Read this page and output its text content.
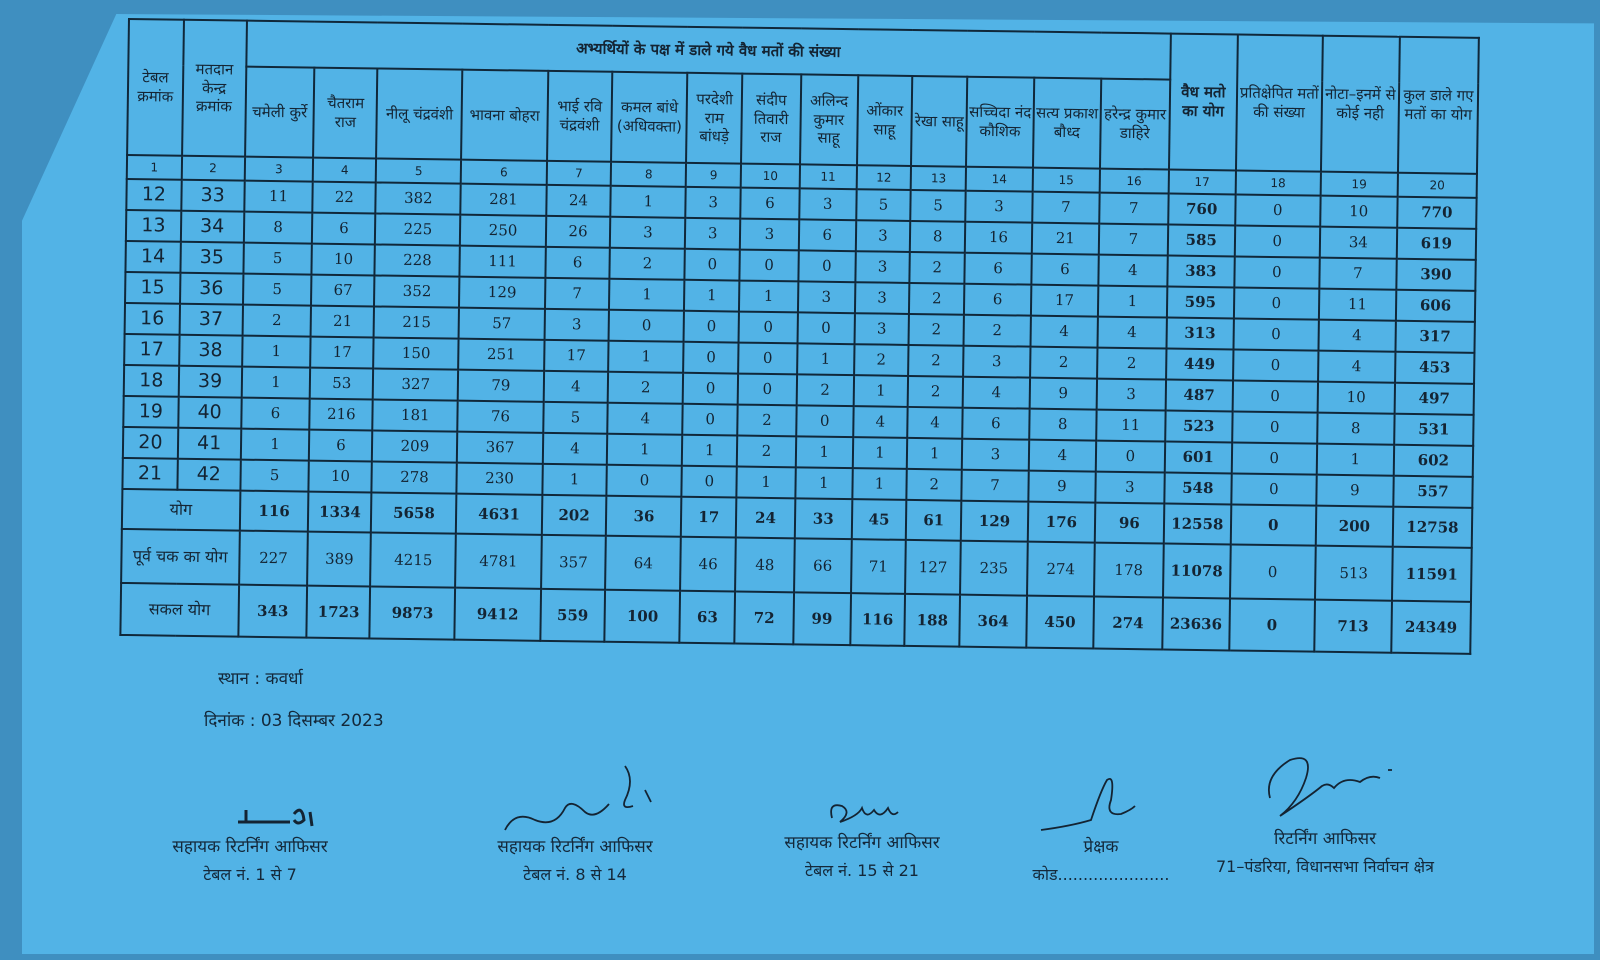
टेबल क्रमांक	मतदान केन्द्र क्रमांक	अभ्यर्थियों के पक्ष में डाले गये वैध मतों की संख्या														वैध मतो का योग	प्रतिक्षेपित मतों की संख्या	नोटा–इनमें से कोई नही	कुल डाले गए मतों का योग
		चमेली कुर्रे	चैतराम राज	नीलू चंद्रवंशी	भावना बोहरा	भाई रवि चंद्रवंशी	कमल बांधे (अधिवक्ता)	परदेशी राम बांधड़े	संदीप तिवारी राज	अलिन्द कुमार साहू	ओंकार साहू	रेखा साहू	सच्चिदा नंद कौशिक	सत्य प्रकाश बौध्द	हरेन्द्र कुमार डाहिरे				
1	2	3	4	5	6	7	8	9	10	11	12	13	14	15	16	17	18	19	20
12	33	11	22	382	281	24	1	3	6	3	5	5	3	7	7	760	0	10	770
13	34	8	6	225	250	26	3	3	3	6	3	8	16	21	7	585	0	34	619
14	35	5	10	228	111	6	2	0	0	0	3	2	6	6	4	383	0	7	390
15	36	5	67	352	129	7	1	1	1	3	3	2	6	17	1	595	0	11	606
16	37	2	21	215	57	3	0	0	0	0	3	2	2	4	4	313	0	4	317
17	38	1	17	150	251	17	1	0	0	1	2	2	3	2	2	449	0	4	453
18	39	1	53	327	79	4	2	0	0	2	1	2	4	9	3	487	0	10	497
19	40	6	216	181	76	5	4	0	2	0	4	4	6	8	11	523	0	8	531
20	41	1	6	209	367	4	1	1	2	1	1	1	3	4	0	601	0	1	602
21	42	5	10	278	230	1	0	0	1	1	1	2	7	9	3	548	0	9	557
योग		116	1334	5658	4631	202	36	17	24	33	45	61	129	176	96	12558	0	200	12758
पूर्व चक का योग		227	389	4215	4781	357	64	46	48	66	71	127	235	274	178	11078	0	513	11591
सकल योग		343	1723	9873	9412	559	100	63	72	99	116	188	364	450	274	23636	0	713	24349
स्थान : कवर्धा
दिनांक : 03 दिसम्बर 2023
सहायक रिटर्निंग आफिसर
टेबल नं. 1 से 7
सहायक रिटर्निंग आफिसर
टेबल नं. 8 से 14
सहायक रिटर्निंग आफिसर
टेबल नं. 15 से 21
प्रेक्षक
कोड......................
रिटर्निंग आफिसर
71–पंडरिया, विधानसभा निर्वाचन क्षेत्र
